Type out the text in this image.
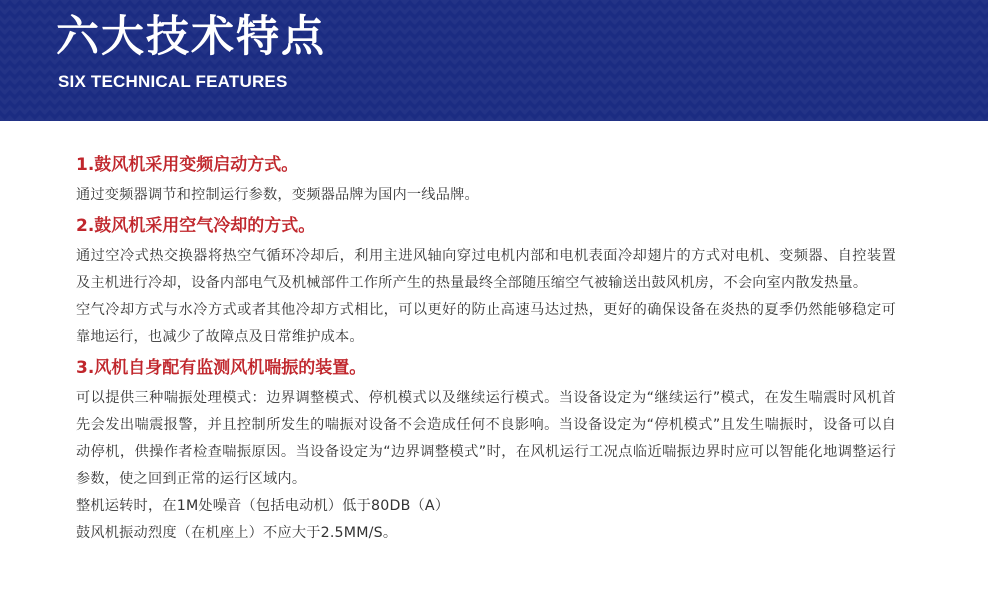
六大技术特点
SIX TECHNICAL FEATURES
1.鼓风机采用变频启动方式。

通过变频器调节和控制运行参数，变频器品牌为国内一线品牌。

2.鼓风机采用空气冷却的方式。

通过空冷式热交换器将热空气循环冷却后，利用主进风轴向穿过电机内部和电机表面冷却翅片的方式对电机、变频器、自控装置及主机进行冷却，设备内部电气及机械部件工作所产生的热量最终全部随压缩空气被输送出鼓风机房，不会向室内散发热量。

空气冷却方式与水冷方式或者其他冷却方式相比，可以更好的防止高速马达过热，更好的确保设备在炎热的夏季仍然能够稳定可靠地运行，也减少了故障点及日常维护成本。

3.风机自身配有监测风机喘振的装置。

可以提供三种喘振处理模式：边界调整模式、停机模式以及继续运行模式。当设备设定为“继续运行”模式，在发生喘震时风机首先会发出喘震报警，并且控制所发生的喘振对设备不会造成任何不良影响。当设备设定为“停机模式”且发生喘振时，设备可以自动停机，供操作者检查喘振原因。当设备设定为“边界调整模式”时，在风机运行工况点临近喘振边界时应可以智能化地调整运行参数，使之回到正常的运行区域内。

整机运转时，在1M处噪音（包括电动机）低于80DB（A）

鼓风机振动烈度（在机座上）不应大于2.5MM/S。
